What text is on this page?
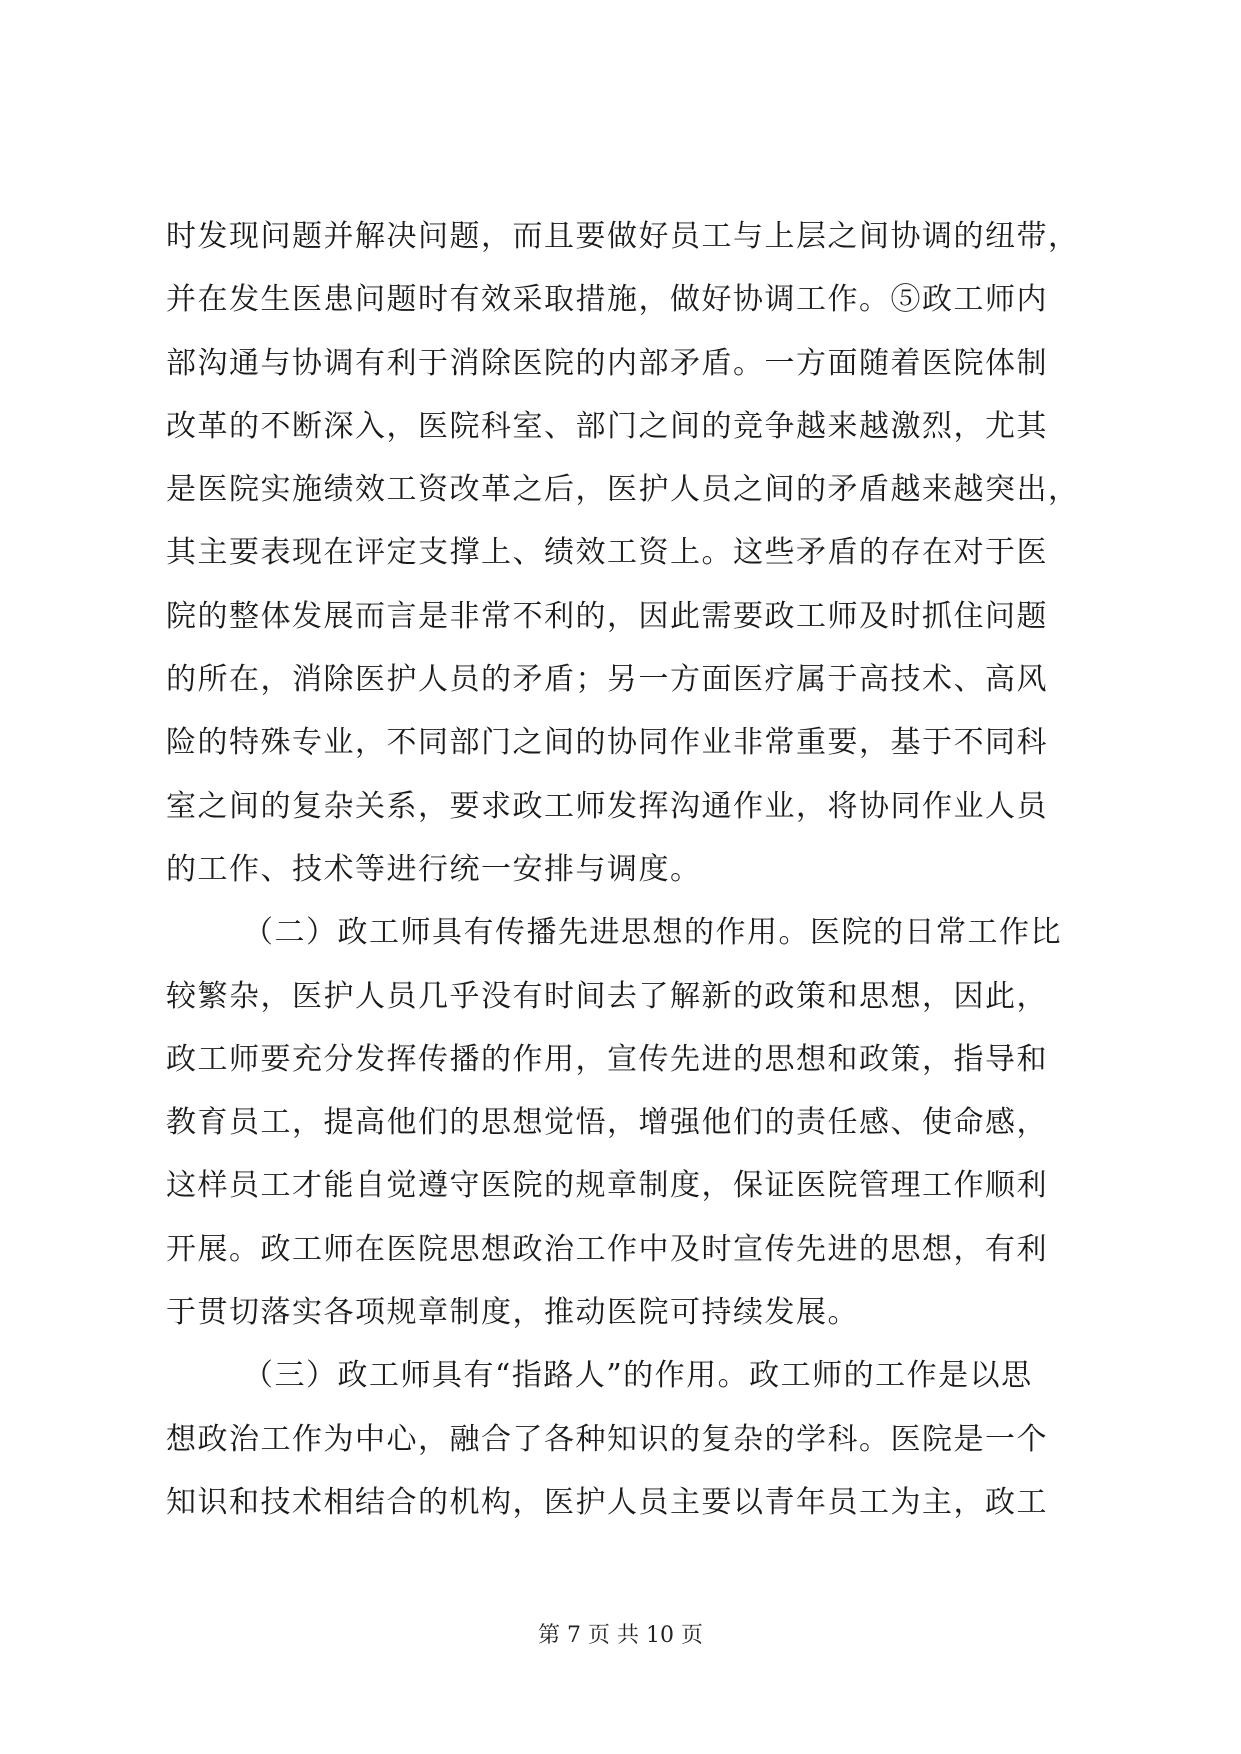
时发现问题并解决问题，而且要做好员工与上层之间协调的纽带，
并在发生医患问题时有效采取措施，做好协调工作。⑤政工师内
部沟通与协调有利于消除医院的内部矛盾。一方面随着医院体制
改革的不断深入，医院科室、部门之间的竞争越来越激烈，尤其
是医院实施绩效工资改革之后，医护人员之间的矛盾越来越突出，
其主要表现在评定支撑上、绩效工资上。这些矛盾的存在对于医
院的整体发展而言是非常不利的，因此需要政工师及时抓住问题
的所在，消除医护人员的矛盾；另一方面医疗属于高技术、高风
险的特殊专业，不同部门之间的协同作业非常重要，基于不同科
室之间的复杂关系，要求政工师发挥沟通作业，将协同作业人员
的工作、技术等进行统一安排与调度。
（二）政工师具有传播先进思想的作用。医院的日常工作比
较繁杂，医护人员几乎没有时间去了解新的政策和思想，因此，
政工师要充分发挥传播的作用，宣传先进的思想和政策，指导和
教育员工，提高他们的思想觉悟，增强他们的责任感、使命感，
这样员工才能自觉遵守医院的规章制度，保证医院管理工作顺利
开展。政工师在医院思想政治工作中及时宣传先进的思想，有利
于贯切落实各项规章制度，推动医院可持续发展。
（三）政工师具有“指路人”的作用。政工师的工作是以思
想政治工作为中心，融合了各种知识的复杂的学科。医院是一个
知识和技术相结合的机构，医护人员主要以青年员工为主，政工
第 7 页 共 10 页
